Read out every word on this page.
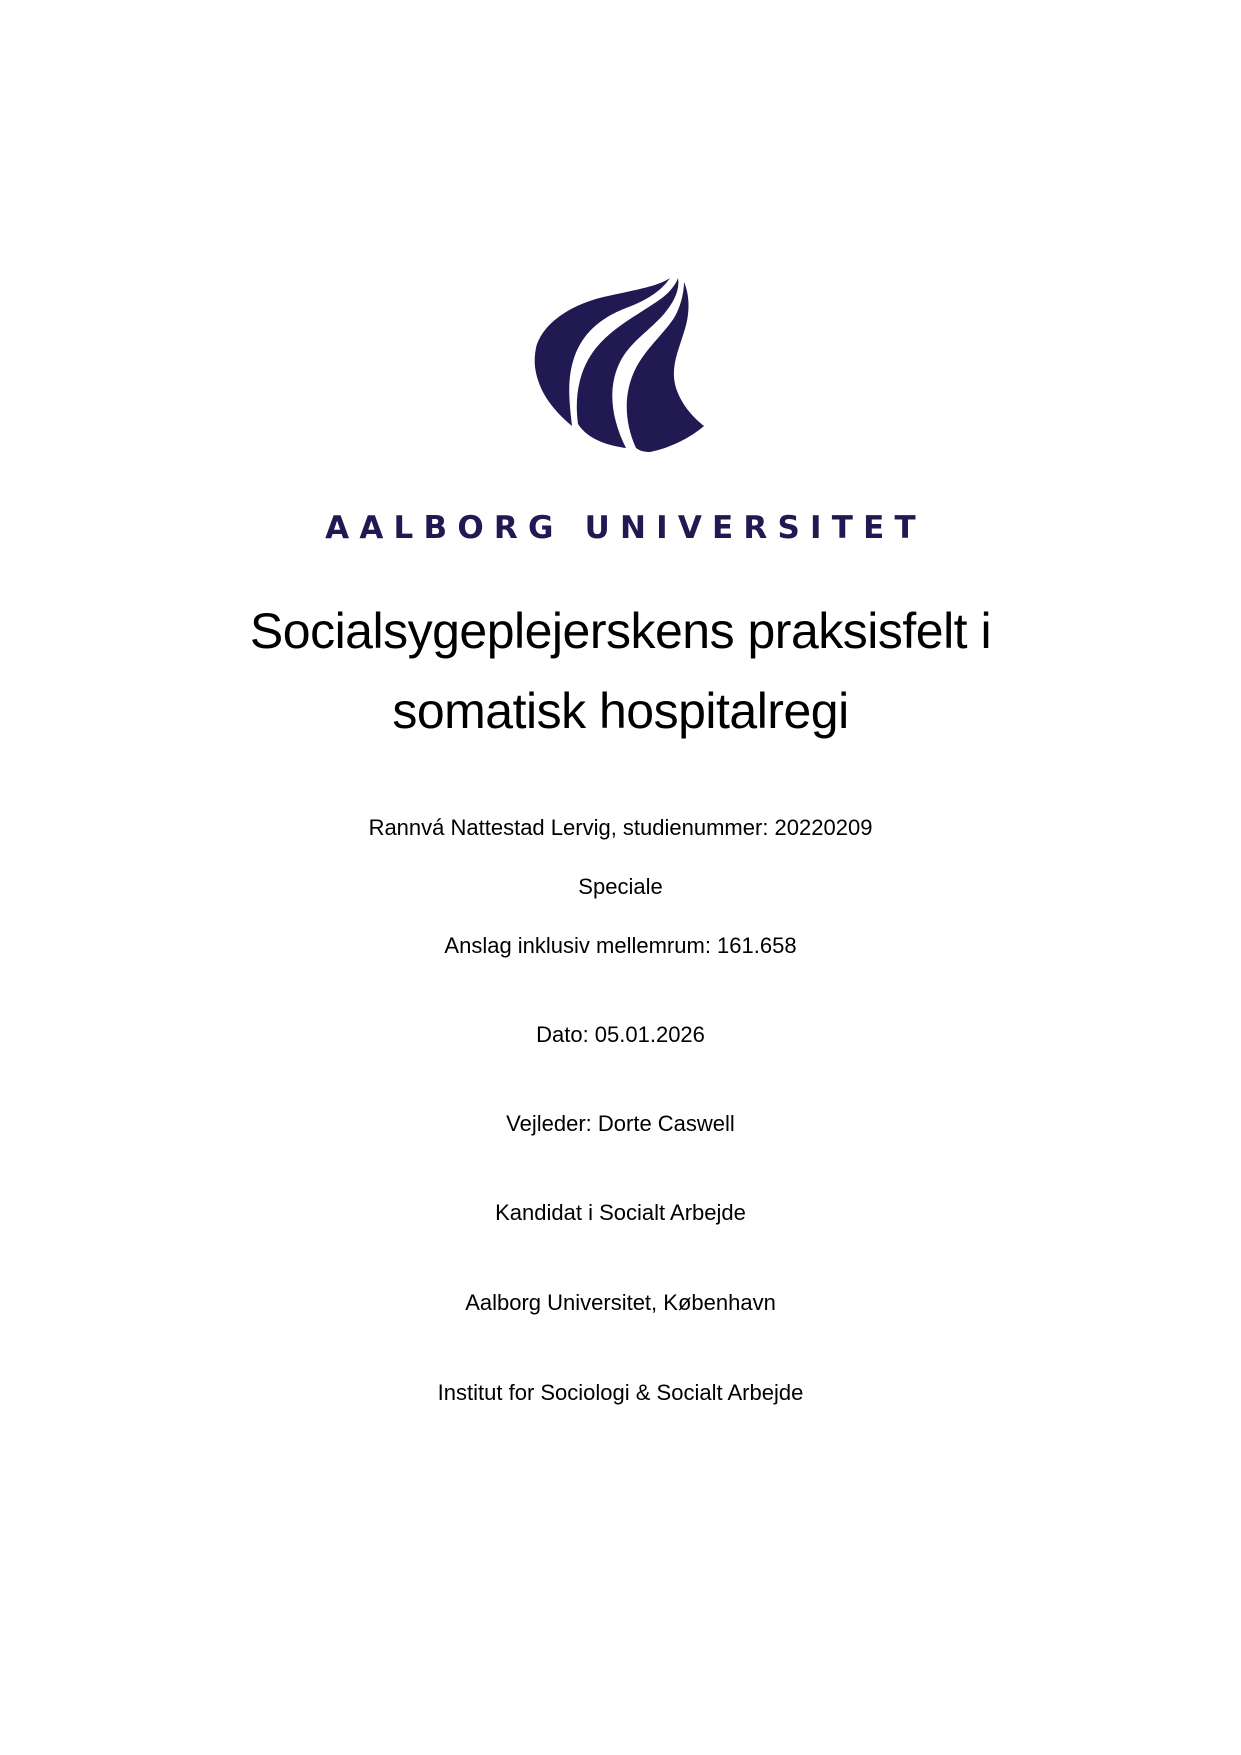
AALBORG UNIVERSITET
Socialsygeplejerskens praksisfelt i
somatisk hospitalregi

Rannvá Nattestad Lervig, studienummer: 20220209

Speciale

Anslag inklusiv mellemrum: 161.658

Dato: 05.01.2026

Vejleder: Dorte Caswell

Kandidat i Socialt Arbejde

Aalborg Universitet, København

Institut for Sociologi & Socialt Arbejde
